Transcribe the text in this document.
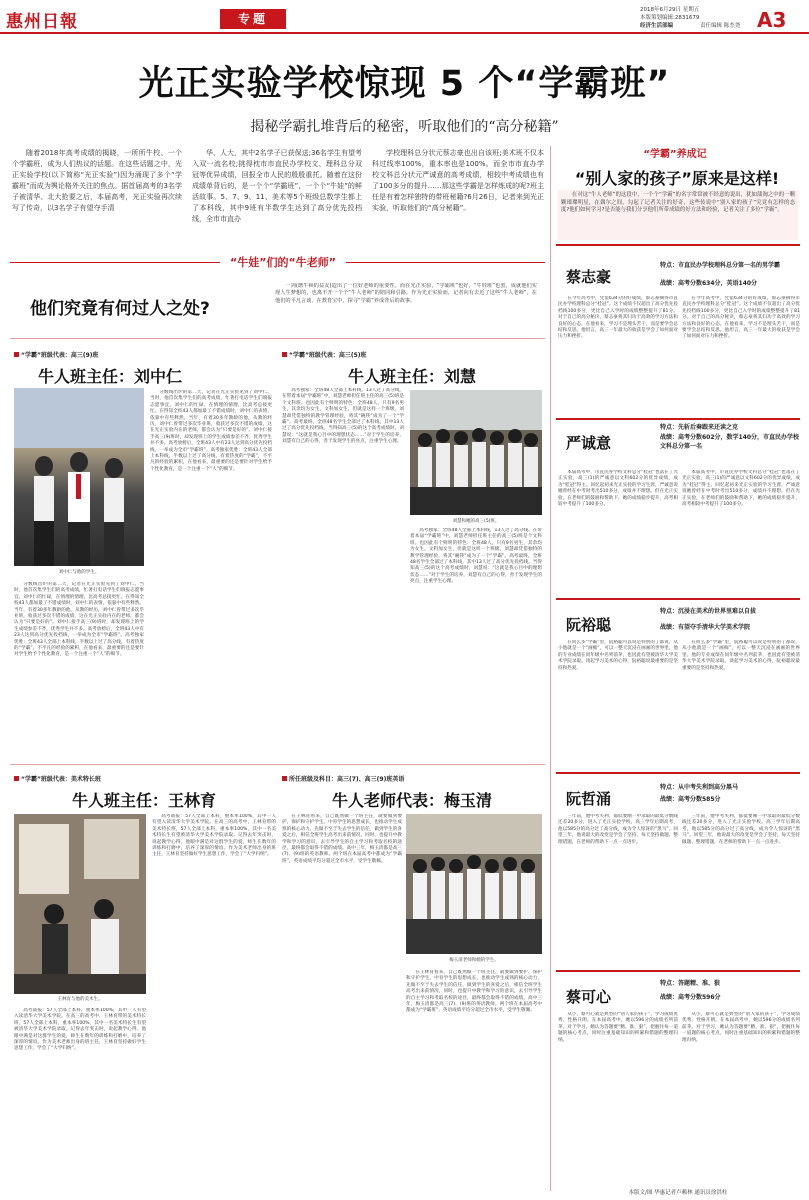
惠州日報	专题
2018年6月29日 星期五
本版策划编辑:2831679
经济生活部编	责任编辑 陈杰尧 A3
光正实验学校惊现 5 个“学霸班”
揭秘学霸扎堆背后的秘密，听取他们的“高分秘籍”

随着2018年高考成绩的揭晓，一所所牛校、一个个学霸班，成为人们热议的话题。在这些话题之中，光正实验学校(以下简称“光正实验”)因为涌现了多个“学霸班”而成为舆论格外关注的焦点。据首届高考的3名学子被清华、北大抢要之后，本届高考，光正实验再次续写了传奇，以3名学子有望夺手清

华、人大，其中2名学子已获保送;36名学生有望考入双一流名校;挑得枕市市直民办学校文、理科总分双冠等优异成绩，回报全市人民的殷殷重托。随着在这份成绩单背后的，是一个个“学霸班”，一个个“牛娃”的鲜活故事。5、7、9、11、美术等5个班级总数学生都上了本科线，其中9班有半数学生达到了高分优先投档线，全市市直办

学校理科总分状元蔡志豪也出自该班;美术班不仅本科过线率100%，重本率也是100%。而全市市直办学校文科总分状元严诚意的高考成绩，相较中考成绩也有了100多分的提升……那这些学霸是怎样炼成的呢?班主任是有着怎样独特的带班秘籍?6月26日，记者来到光正实验，听取他们的“高分秘籍”。

“牛娃”们的“牛老师”
他们究竟有何过人之处?

一剑(磨牛顿的益友)造出了一位好老师的重要性。而在光正实验，“学霸班”也好，“牛娃班”也罢，成就他们实现人生梦想的，也离不开一个个“牛人老师”的陪同和引路。作为光正实验而，记者向有去近了这些“牛人老师”，在他们的平凡言谈、在教育宝中，探寻“学霸”养成背后的故事。

“学霸”班级代表：高三(9)班
牛人班主任：刘中仁
刘中仁与他的学生。

分数线出炉的第二天，记者在光正实验见到了刘中仁。当时，他首次集学生们的高考成绩，忙著打电话学生们填报志愿事宜。刘中仁的忙碌，在情理的情理，比高考总接更忙。在得知全校43人都加最了不错成绩时，刘中仁的表情，依靠中有些释然。当年，有着30多年教龄的他，从教的经历，刘中仁曾带过多次毕业班，收获过多次不错的成绩，这在光正实验内在的老师，都会认为“只要是好的”。刘中仁接手高三(9)班时，却发现班上的学生成绩参差不齐，优秀学生并不多。高考放榜后，全班43人中有23人达到高分优先投档线，一举成为全市“学霸班”。高考独家优胜：全班43人全部上本科线，半数以上过了高分线，有着热度的“学霸”，不平凡的经验的累积，在他看来，最重要的还是要针对学生给予个性化教育，是一个注重一个“人”的细节。

分数线出炉的第二天，记者在光正实验见到了刘中仁。当时，他首次集学生们的高考成绩，忙著打电话学生们填报志愿事宜。刘中仁的忙碌，在情理的情理，比高考总接更忙。在得知全校43人都加最了不错成绩时，刘中仁的表情，依靠中有些释然。当年，有着30多年教龄的他，从教的经历，刘中仁曾带过多次毕业班，收获过多次不错的成绩，这在光正实验内在的老师，都会认为“只要是好的”。刘中仁接手高三(9)班时，却发现班上的学生成绩参差不齐，优秀学生并不多。高考放榜后，全班43人中有23人达到高分优先投档线，一举成为全市“学霸班”。高考独家优胜：全班43人全部上本科线，半数以上过了高分线，有着热度的“学霸”，不平凡的经验的累积，在他看来，最重要的还是要针对学生给予个性化教育，是一个注重一个“人”的细节。

“学霸”班级代表：高三(5)班
牛人班主任：刘慧
刘慧和她的高三(5)班。

高考独家：全班48人全部上本科线，13人过了高分线。在带着本届“学霸班”中，刘慧老师担任班主任的高三(5)班是个文科班。也因此有个鲜明的特色：全班48人，只有9名男生，其余均为女生。文科加女生，但就是这样一个班级，刘慧却凭借独特的教学管理经验，将其“碗筷”成为了一个“学霸”。高考最终，全班48名学生全部过了本科线，其中13人过了高分优先投档线。当得知高三(5)的这个高考成绩时，刘慧说：“这就是我心目中的理想状态……”对于学生的培养，刘慧有自己的心得，善于发现学生的亮点，注重学生心理。

高考独家：全班48人全部上本科线，13人过了高分线。在带着本届“学霸班”中，刘慧老师担任班主任的高三(5)班是个文科班。也因此有个鲜明的特色：全班48人，只有9名男生，其余均为女生。文科加女生，但就是这样一个班级，刘慧却凭借独特的教学管理经验，将其“碗筷”成为了一个“学霸”。高考最终，全班48名学生全部过了本科线，其中13人过了高分优先投档线。当得知高三(5)的这个高考成绩时，刘慧说：“这就是我心目中的理想状态……”对于学生的培养，刘慧有自己的心得，善于发现学生的亮点，注重学生心理。

“学霸”班级代表：美术特长班
牛人班主任：王林育
王林育与他的美术生。

高考战报：57人全部上本科，重本率100%，其中一人有望入读清华大学美术学院。在高三的高考中，王林育带的美术特长班，57人全部上本科，重本率100%，其中一名美术特长生有望被清华大学美术学院录取。记得去年突击时，说起教学心得，他眼中满是对这群学生的爱，师生在数年的训练和打磨中，培养了深厚的情谊。作为美术老师出身的班主任，王林育坚持做好学生思想工作，学会了“大学归纳”。

高考战报：57人全部上本科，重本率100%，其中一人有望入读清华大学美术学院。在高三的高考中，王林育带的美术特长班，57人全部上本科，重本率100%，其中一名美术特长生有望被清华大学美术学院录取。记得去年突击时，说起教学心得，他眼中满是对这群学生的爱，师生在数年的训练和打磨中，培养了深厚的情谊。作为美术老师出身的班主任，王林育坚持做好学生思想工作，学会了“大学归纳”。

所任班级及科目：高三(7)、高三(9)班英语
牛人老师代表：梅玉清
梅玉清老师和她的学生。

在王林育看来，自己既然做一个班主任，就要做到要护、保护和守护学生。中育学生的思想成长，也推动学生成熟的核心动力，先做不至于失去学生的信任，做到学生的喜爱之后，相信全班学生高考出来前情况，同时，也提升中教学和学习的意识，去引导学生的自主学习和考取名校的途径，最终都会取得不错的成绩。高中三年，梅玉清都是高三(7)、(9)班的英语教师。两个班在本届高考中都成为“学霸班”，英语成绩平均分超过全市水平，受学生敬佩。

在王林育看来，自己既然做一个班主任，就要做到要护、保护和守护学生。中育学生的思想成长，也推动学生成熟的核心动力，先做不至于失去学生的信任，做到学生的喜爱之后，相信全班学生高考出来前情况，同时，也提升中教学和学习的意识，去引导学生的自主学习和考取名校的途径，最终都会取得不错的成绩。高中三年，梅玉清都是高三(7)、(9)班的英语教师。两个班在本届高考中都成为“学霸班”，英语成绩平均分超过全市水平，受学生敬佩。

“学霸”养成记
“别人家的孩子”原来是这样!

在对这“牛人老师”的这段中，一个个“学霸”的名字常常被不经意的说出，犹如蒲淘之中的一颗颗璀璨明星，在偶尔之间，勾起了记者关注的好奇，这些传说中“别人家的孩子”究竟有怎样的态度?他们如何学习?是否能与我们分享他们所带成绩的好方法和经验，记者关注了多位“学霸”。

蔡志豪
特点：市直民办学校理科总分第一名的男学霸
战绩：高考分数634分，英语140分

在今年高考中，凭借634分的好成绩，蔡志豪摘得市直民办学校理科总分“桂冠”。这个成绩不仅超出了高分优先投档线100多分，更比自己入学时的成绩整整提升了81分。对于自己的高分秘诀，蔡志豪将其归功于高效的学习方法和良好的心态。在他看来，学习不是埋头苦干，而是要学会总结和反思。他坦言，高三一年最大的收获是学会了如何面对压力和挫折。

在今年高考中，凭借634分的好成绩，蔡志豪摘得市直民办学校理科总分“桂冠”。这个成绩不仅超出了高分优先投档线100多分，更比自己入学时的成绩整整提升了81分。对于自己的高分秘诀，蔡志豪将其归功于高效的学习方法和良好的心态。在他看来，学习不是埋头苦干，而是要学会总结和反思。他坦言，高三一年最大的收获是学会了如何面对压力和挫折。

严诚意
特点：先斩后奏跟来还读之克
战绩：高考分数602分，数学140分，市直民办学校文科总分第一名

本届高考中，市直民办学校文科总分“桂冠”也落在了光正实验，高三(1)的严诚意以文科602分的优异成绩，成为“桂冠”得主。回忆起初来光正实验的学习生涯，严诚意说她曾经在中考时考出510多分，成绩并不理想。但在光正实验，在老师们的鼓励和帮助下，她的成绩稳步提升，高考相较中考提升了100多分。

本届高考中，市直民办学校文科总分“桂冠”也落在了光正实验，高三(1)的严诚意以文科602分的优异成绩，成为“桂冠”得主。回忆起初来光正实验的学习生涯，严诚意说她曾经在中考时考出510多分，成绩并不理想。但在光正实验，在老师们的鼓励和帮助下，她的成绩稳步提升，高考相较中考提升了100多分。

阮裕聪
特点：沉浸在美术的世界里难以自拔
战绩：有望夺手清华大学美术学院

在同么多“学霸”里，阮裕聪可以说是特别的了都说，从小他就是一个“画痴”，可以一整天沉浸在画画的世界里。他的专业成绩在同年级中名列前茅，也因此有望被清华大学美术学院录取。谈起学习美术的心得，阮裕聪说最重要的是坚持和热爱。

在同么多“学霸”里，阮裕聪可以说是特别的了都说，从小他就是一个“画痴”，可以一整天沉浸在画画的世界里。他的专业成绩在同年级中名列前茅，也因此有望被清华大学美术学院录取。谈起学习美术的心得，阮裕聪说最重要的是坚持和热爱。

阮哲涌
特点：从中考失利到高分黑马
战绩：高考分数585分

三年前，他中考失利，都低要刚一中录取的最低分数线还差20多分，进入了光正实验学校。高三学年后期高考，他以585分的高分过了高分线，成为令人惊讶的“黑马”。回望三年，他说最大的改变是学会了坚持，每天坚持做题、整理错题，在老师的帮助下一点一点进步。

三年前，他中考失利，都低要刚一中录取的最低分数线还差20多分，进入了光正实验学校。高三学年后期高考，他以585分的高分过了高分线，成为令人惊讶的“黑马”。回望三年，他说最大的改变是学会了坚持，每天坚持做题、整理错题，在老师的帮助下一点一点进步。

蔡可心
特点：答题精、准、狠
战绩：高考分数596分

从小，蔡可心就是典型的“别人家的孩子”，学习成绩优秀、性格开朗。在本届高考中，她以596分的成绩名列前茅。对于学习，她认为答题要“精、准、狠”，把握住每一道题的核心考点，同时注重基础知识的积累和错题的整理归纳。

从小，蔡可心就是典型的“别人家的孩子”，学习成绩优秀、性格开朗。在本届高考中，她以596分的成绩名列前茅。对于学习，她认为答题要“精、准、狠”，把握住每一道题的核心考点，同时注重基础知识的积累和错题的整理归纳。

本版文/图 华惠记者卢赖林 通讯员徐洪柱
